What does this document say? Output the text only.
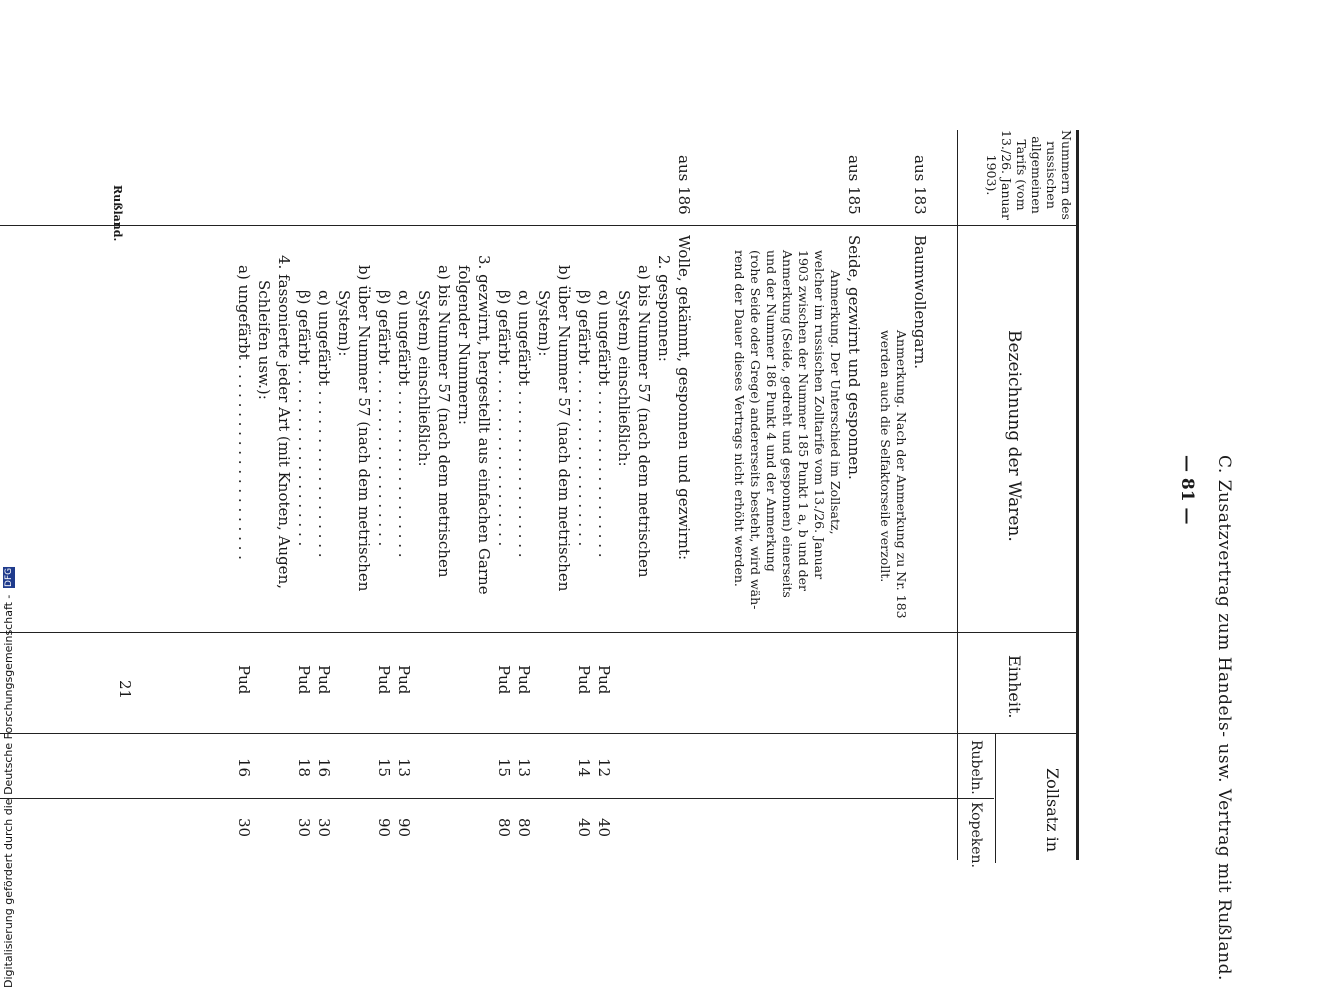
C. Zusatzvertrag zum Handels- usw. Vertrag mit Rußland.
— 81 —
Nummern des russischen allgemeinen Tarifs (vom 13./26. Januar 1903).
Bezeichnung der Waren.
Einheit.
Zollsatz in
Rubeln.
Kopeken.
aus 183
aus 185
aus 186
Baumwollengarn.
Anmerkung. Nach der Anmerkung zu Nr. 183
werden auch die Selfaktorseile verzollt.
Seide, gezwirnt und gesponnen.
Anmerkung. Der Unterschied im Zollsatz,
welcher im russischen Zolltarife vom 13./26. Januar
1903 zwischen der Nummer 185 Punkt 1 a, b und der
Anmerkung (Seide, gedreht und gesponnen) einerseits
und der Nummer 186 Punkt 4 und der Anmerkung
(rohe Seide oder Grege) andererseits besteht, wird wäh-
rend der Dauer dieses Vertrags nicht erhöht werden.
Wolle, gekämmt, gesponnen und gezwirnt:
2. gesponnen:
a) bis Nummer 57 (nach dem metrischen
System) einschließlich:
α) ungefärbt . . . . . . . . . . . . . . . . . .
β) gefärbt . . . . . . . . . . . . . . . . . . .
b) über Nummer 57 (nach dem metrischen
System):
α) ungefärbt . . . . . . . . . . . . . . . . . .
β) gefärbt . . . . . . . . . . . . . . . . . . .
3. gezwirnt, hergestellt aus einfachen Garne
folgender Nummern:
a) bis Nummer 57 (nach dem metrischen
System) einschließlich:
α) ungefärbt . . . . . . . . . . . . . . . . . .
β) gefärbt . . . . . . . . . . . . . . . . . . .
b) über Nummer 57 (nach dem metrischen
System):
α) ungefärbt . . . . . . . . . . . . . . . . . .
β) gefärbt . . . . . . . . . . . . . . . . . . .
4. fassonierte jeder Art (mit Knoten, Augen,
Schleifen usw.):
a) ungefärbt . . . . . . . . . . . . . . . . . . . . .
Pud
12
40
Pud
14
40
Pud
13
80
Pud
15
80
Pud
13
90
Pud
15
90
Pud
16
30
Pud
18
30
Pud
16
30
Rußland.
21
Digitalisierung gefördert durch die Deutsche Forschungsgemeinschaft - DFG
